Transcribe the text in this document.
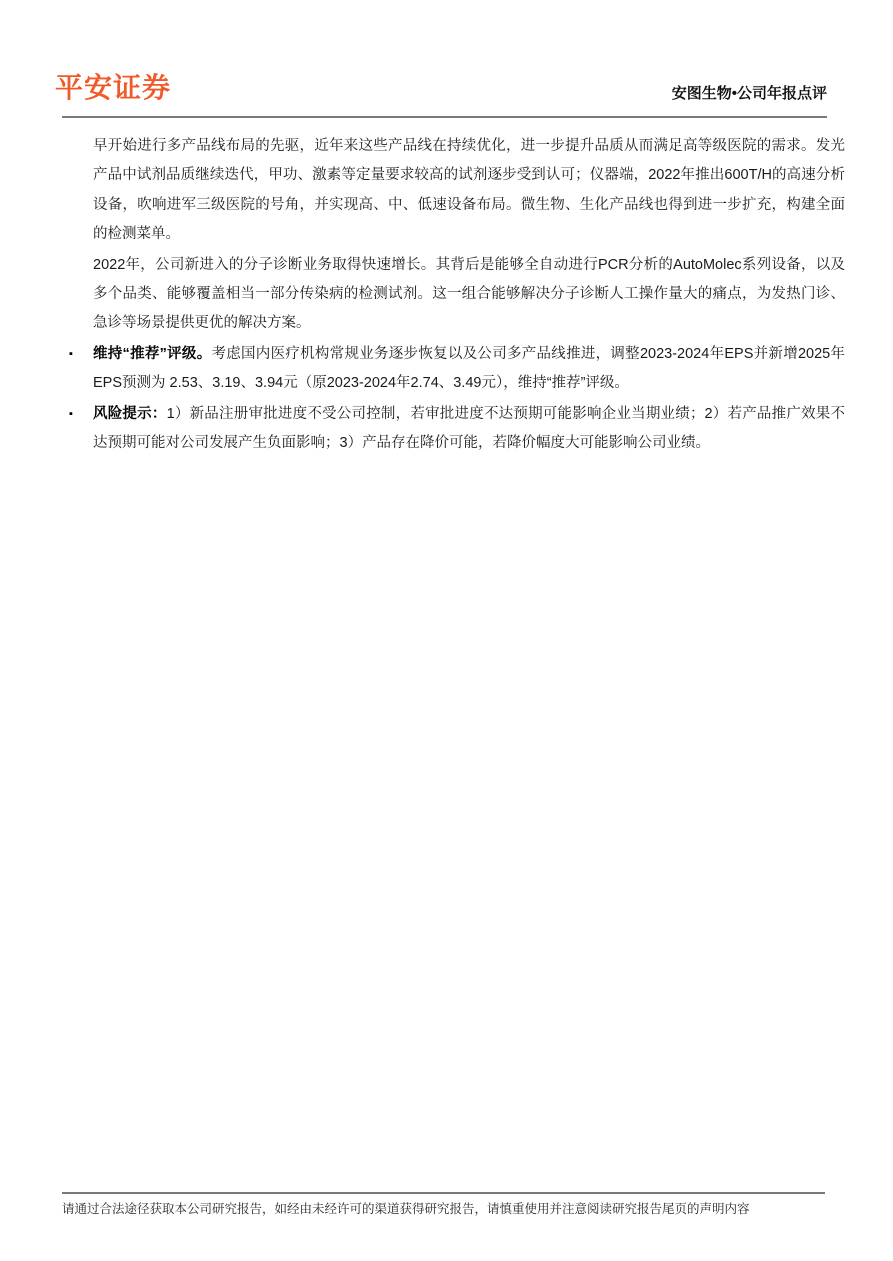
平安证券	安图生物•公司年报点评

早开始进行多产品线布局的先驱，近年来这些产品线在持续优化，进一步提升品质从而满足高等级医院的需求。发光产品中试剂品质继续迭代，甲功、激素等定量要求较高的试剂逐步受到认可；仪器端，2022年推出600T/H的高速分析设备，吹响进军三级医院的号角，并实现高、中、低速设备布局。微生物、生化产品线也得到进一步扩充，构建全面的检测菜单。

2022年，公司新进入的分子诊断业务取得快速增长。其背后是能够全自动进行PCR分析的AutoMolec系列设备，以及多个品类、能够覆盖相当一部分传染病的检测试剂。这一组合能够解决分子诊断人工操作量大的痛点，为发热门诊、急诊等场景提供更优的解决方案。

▪ 维持“推荐”评级。考虑国内医疗机构常规业务逐步恢复以及公司多产品线推进，调整2023-2024年EPS并新增2025年EPS预测为 2.53、3.19、3.94元（原2023-2024年2.74、3.49元），维持“推荐”评级。

▪ 风险提示：1）新品注册审批进度不受公司控制，若审批进度不达预期可能影响企业当期业绩；2）若产品推广效果不达预期可能对公司发展产生负面影响；3）产品存在降价可能，若降价幅度大可能影响公司业绩。

请通过合法途径获取本公司研究报告，如经由未经许可的渠道获得研究报告，请慎重使用并注意阅读研究报告尾页的声明内容
